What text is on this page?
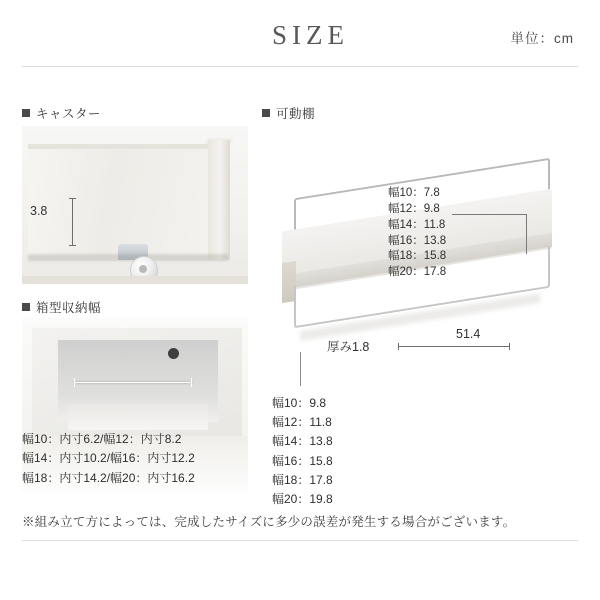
SIZE	単位：cm
キャスター
3.8
箱型収納幅
幅10：内寸6.2/幅12：内寸8.2
幅14：内寸10.2/幅16：内寸12.2
幅18：内寸14.2/幅20：内寸16.2
可動棚
幅10：7.8
幅12：9.8
幅14：11.8
幅16：13.8
幅18：15.8
幅20：17.8
51.4
厚み1.8
幅10：9.8
幅12：11.8
幅14：13.8
幅16：15.8
幅18：17.8
幅20：19.8
※組み立て方によっては、完成したサイズに多少の誤差が発生する場合がございます。
